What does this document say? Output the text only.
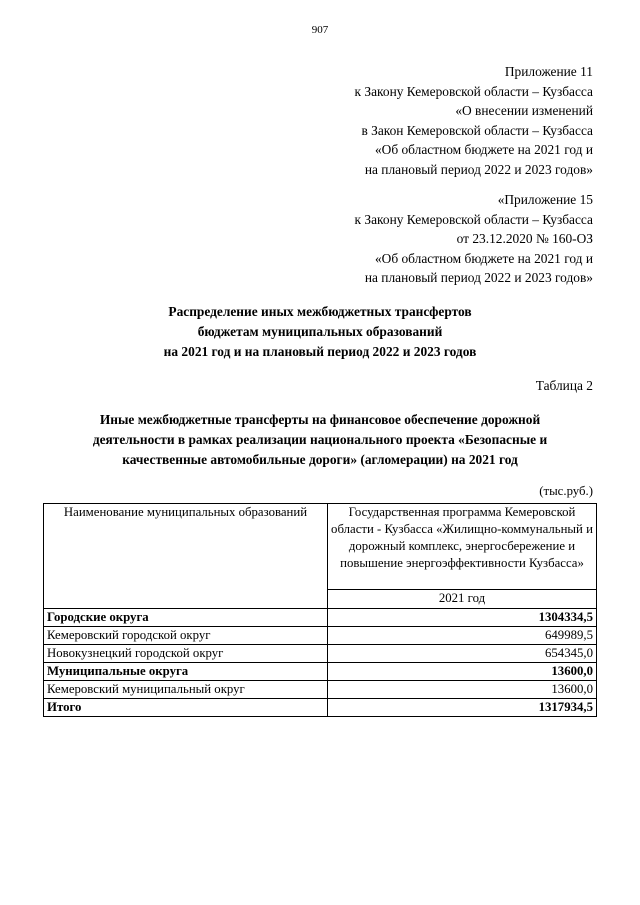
907
Приложение 11
к Закону Кемеровской области – Кузбасса
«О внесении изменений
в Закон Кемеровской области – Кузбасса
«Об областном бюджете на 2021 год и
на плановый период 2022 и 2023 годов»
«Приложение 15
к Закону Кемеровской области – Кузбасса
от 23.12.2020 № 160-ОЗ
«Об областном бюджете на 2021 год и
на плановый период 2022 и 2023 годов»
Распределение иных межбюджетных трансфертов
бюджетам муниципальных образований
на 2021 год и на плановый период 2022 и 2023 годов
Таблица 2
Иные межбюджетные трансферты на финансовое обеспечение дорожной
деятельности в рамках реализации национального проекта «Безопасные и
качественные автомобильные дороги» (агломерации) на 2021 год
(тыс.руб.)
Наименование муниципальных образований	Государственная программа Кемеровской области - Кузбасса «Жилищно-коммунальный и дорожный комплекс, энергосбережение и повышение энергоэффективности Кузбасса»
	2021 год
Городские округа	1304334,5
Кемеровский городской округ	649989,5
Новокузнецкий городской округ	654345,0
Муниципальные округа	13600,0
Кемеровский муниципальный округ	13600,0
Итого	1317934,5
